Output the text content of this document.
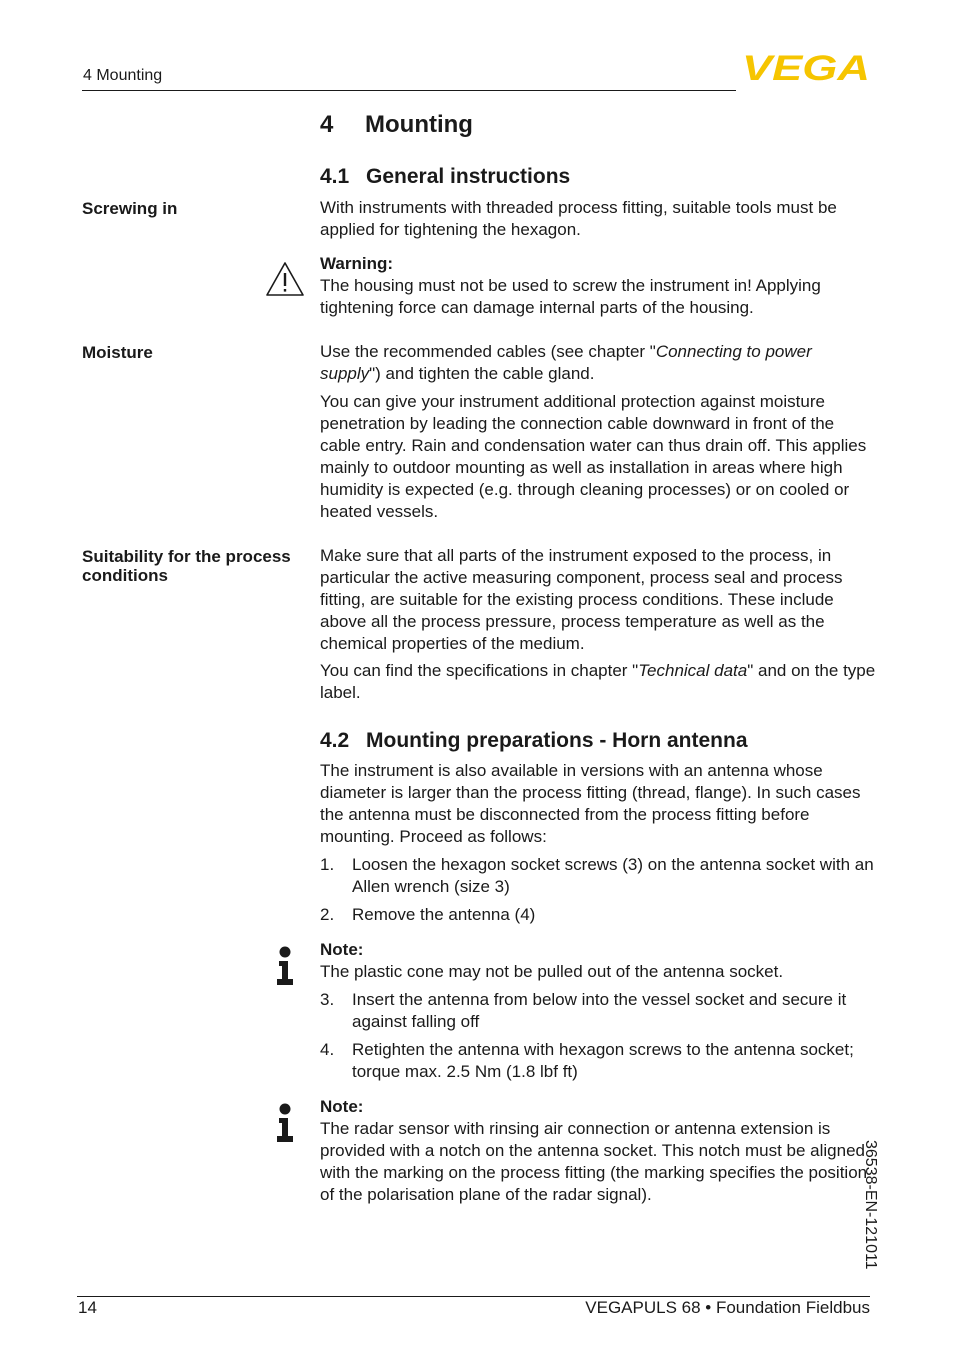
4 Mounting	VEGA
4 Mounting
4.1 General instructions
Screwing in	With instruments with threaded process fitting, suitable tools must be applied for tightening the hexagon.

Warning:

The housing must not be used to screw the instrument in! Applying tightening force can damage internal parts of the housing.

Moisture	Use the recommended cables (see chapter "Connecting to power supply") and tighten the cable gland.

You can give your instrument additional protection against moisture penetration by leading the connection cable downward in front of the cable entry. Rain and condensation water can thus drain off. This applies mainly to outdoor mounting as well as installation in areas where high humidity is expected (e.g. through cleaning processes) or on cooled or heated vessels.

Suitability for the process conditions

Make sure that all parts of the instrument exposed to the process, in particular the active measuring component, process seal and process fitting, are suitable for the existing process conditions. These include above all the process pressure, process temperature as well as the chemical properties of the medium.

You can find the specifications in chapter "Technical data" and on the type label.

4.2 Mounting preparations - Horn antenna

The instrument is also available in versions with an antenna whose diameter is larger than the process fitting (thread, flange). In such cases the antenna must be disconnected from the process fitting before mounting. Proceed as follows:

1. Loosen the hexagon socket screws (3) on the antenna socket with an Allen wrench (size 3)
2. Remove the antenna (4)
Note:

The plastic cone may not be pulled out of the antenna socket.

3. Insert the antenna from below into the vessel socket and secure it against falling off
4. Retighten the antenna with hexagon screws to the antenna socket; torque max. 2.5 Nm (1.8 lbf ft)
Note:

The radar sensor with rinsing air connection or antenna extension is provided with a notch on the antenna socket. This notch must be aligned with the marking on the process fitting (the marking specifies the position of the polarisation plane of the radar signal).	36538-EN-121011
14	VEGAPULS 68 • Foundation Fieldbus
